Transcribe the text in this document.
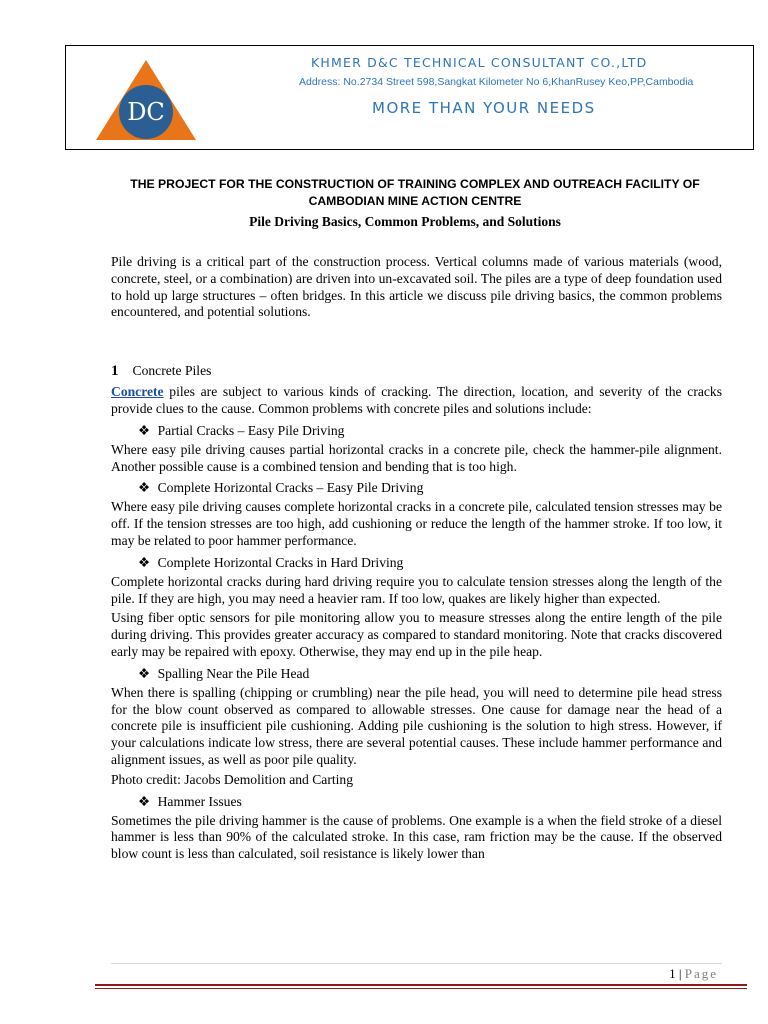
DC
KHMER D&C TECHNICAL CONSULTANT CO.,LTD
Address: No.2734 Street 598,Sangkat Kilometer No 6,KhanRusey Keo,PP,Cambodia
MORE THAN YOUR NEEDS
THE PROJECT FOR THE CONSTRUCTION OF TRAINING COMPLEX AND OUTREACH FACILITY OF CAMBODIAN MINE ACTION CENTRE
Pile Driving Basics, Common Problems, and Solutions

Pile driving is a critical part of the construction process. Vertical columns made of various materials (wood, concrete, steel, or a combination) are driven into un-excavated soil. The piles are a type of deep foundation used to hold up large structures – often bridges. In this article we discuss pile driving basics, the common problems encountered, and potential solutions.

1 Concrete Piles

Concrete piles are subject to various kinds of cracking. The direction, location, and severity of the cracks provide clues to the cause. Common problems with concrete piles and solutions include:

❖ Partial Cracks – Easy Pile Driving

Where easy pile driving causes partial horizontal cracks in a concrete pile, check the hammer-pile alignment. Another possible cause is a combined tension and bending that is too high.

❖ Complete Horizontal Cracks – Easy Pile Driving

Where easy pile driving causes complete horizontal cracks in a concrete pile, calculated tension stresses may be off. If the tension stresses are too high, add cushioning or reduce the length of the hammer stroke. If too low, it may be related to poor hammer performance.

❖ Complete Horizontal Cracks in Hard Driving

Complete horizontal cracks during hard driving require you to calculate tension stresses along the length of the pile. If they are high, you may need a heavier ram. If too low, quakes are likely higher than expected.

Using fiber optic sensors for pile monitoring allow you to measure stresses along the entire length of the pile during driving. This provides greater accuracy as compared to standard monitoring. Note that cracks discovered early may be repaired with epoxy. Otherwise, they may end up in the pile heap.

❖ Spalling Near the Pile Head

When there is spalling (chipping or crumbling) near the pile head, you will need to determine pile head stress for the blow count observed as compared to allowable stresses. One cause for damage near the head of a concrete pile is insufficient pile cushioning. Adding pile cushioning is the solution to high stress. However, if your calculations indicate low stress, there are several potential causes. These include hammer performance and alignment issues, as well as poor pile quality.

Photo credit: Jacobs Demolition and Carting

❖ Hammer Issues

Sometimes the pile driving hammer is the cause of problems. One example is a when the field stroke of a diesel hammer is less than 90% of the calculated stroke. In this case, ram friction may be the cause. If the observed blow count is less than calculated, soil resistance is likely lower than

1 | Page
